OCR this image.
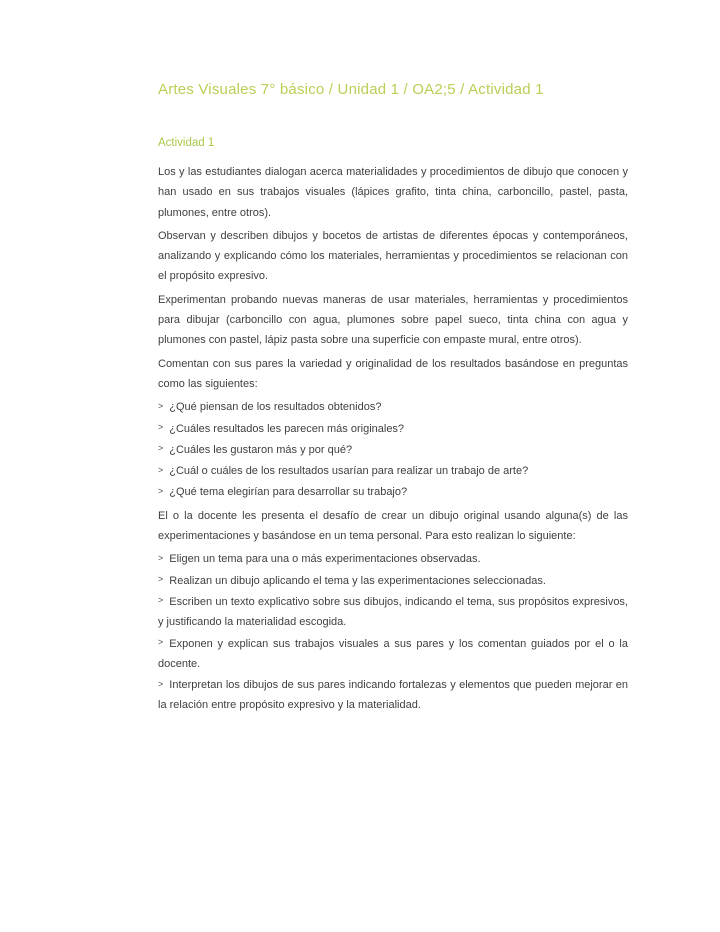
Artes Visuales 7° básico / Unidad 1 / OA2;5 / Actividad 1
Actividad 1

Los y las estudiantes dialogan acerca materialidades y procedimientos de dibujo que conocen y han usado en sus trabajos visuales (lápices grafito, tinta china, carboncillo, pastel, pasta, plumones, entre otros).

Observan y describen dibujos y bocetos de artistas de diferentes épocas y contemporáneos, analizando y explicando cómo los materiales, herramientas y procedimientos se relacionan con el propósito expresivo.

Experimentan probando nuevas maneras de usar materiales, herramientas y procedimientos para dibujar (carboncillo con agua, plumones sobre papel sueco, tinta china con agua y plumones con pastel, lápiz pasta sobre una superficie con empaste mural, entre otros).

Comentan con sus pares la variedad y originalidad de los resultados basándose en preguntas como las siguientes:

> ¿Qué piensan de los resultados obtenidos?
> ¿Cuáles resultados les parecen más originales?
> ¿Cuáles les gustaron más y por qué?
> ¿Cuál o cuáles de los resultados usarían para realizar un trabajo de arte?
> ¿Qué tema elegirían para desarrollar su trabajo?

El o la docente les presenta el desafío de crear un dibujo original usando alguna(s) de las experimentaciones y basándose en un tema personal. Para esto realizan lo siguiente:

> Eligen un tema para una o más experimentaciones observadas.
> Realizan un dibujo aplicando el tema y las experimentaciones seleccionadas.
> Escriben un texto explicativo sobre sus dibujos, indicando el tema, sus propósitos expresivos, y justificando la materialidad escogida.
> Exponen y explican sus trabajos visuales a sus pares y los comentan guiados por el o la docente.
> Interpretan los dibujos de sus pares indicando fortalezas y elementos que pueden mejorar en la relación entre propósito expresivo y la materialidad.
